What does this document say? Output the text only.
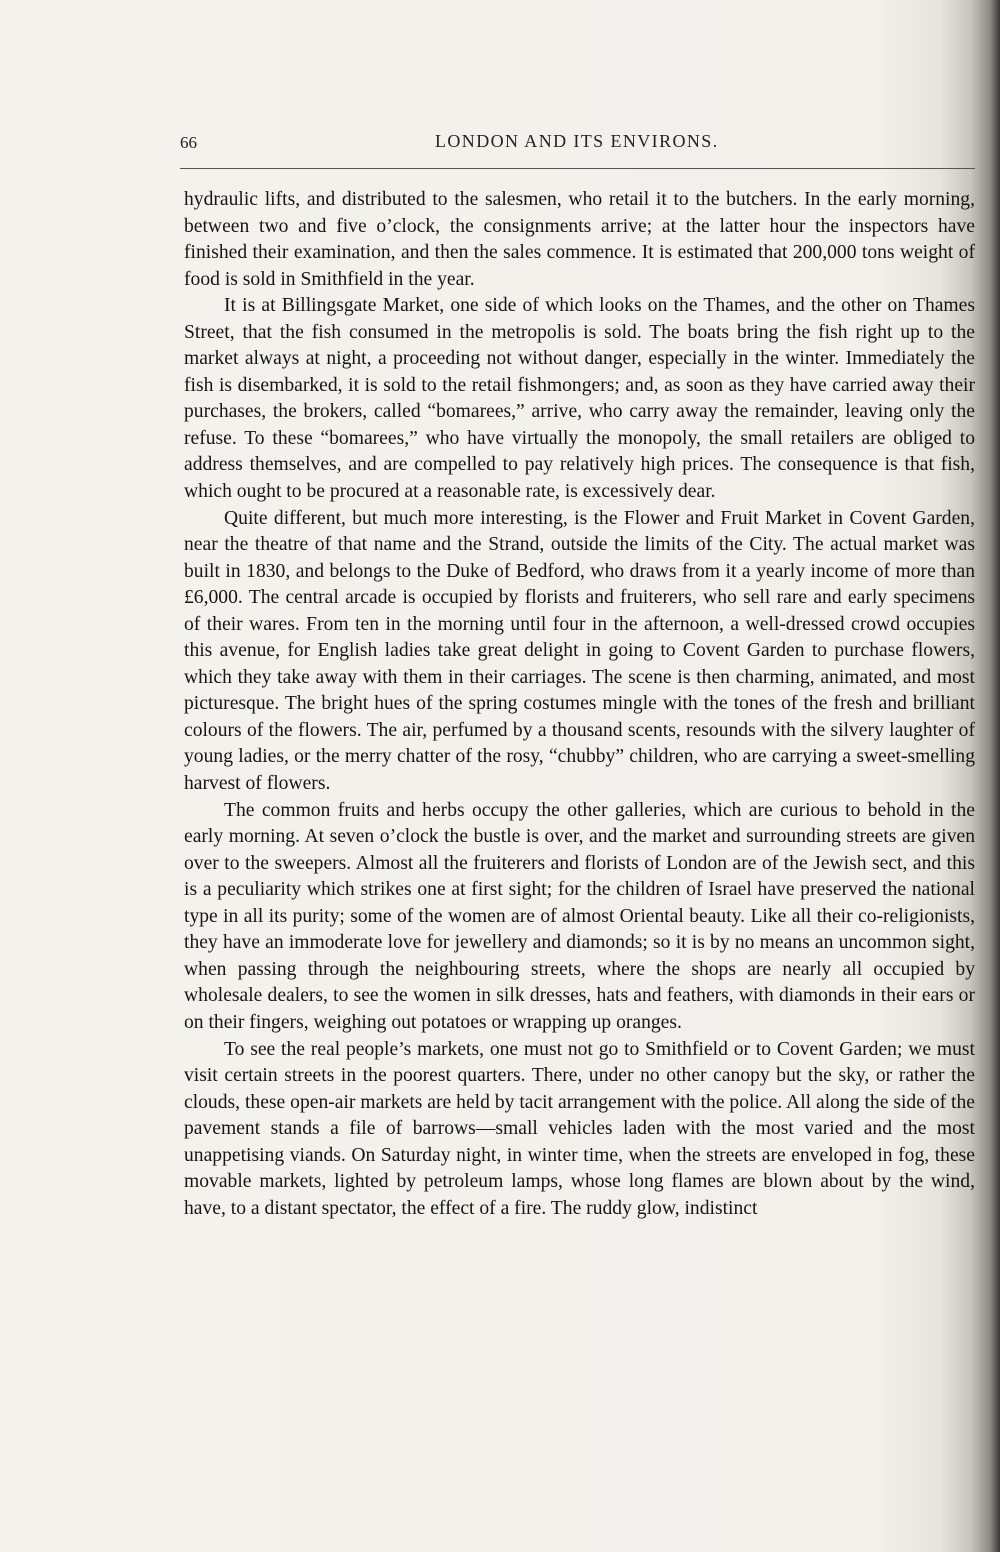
66	LONDON AND ITS ENVIRONS.

hydraulic lifts, and distributed to the salesmen, who retail it to the butchers. In the early morning, between two and five o’clock, the consignments arrive; at the latter hour the inspectors have finished their examination, and then the sales commence. It is estimated that 200,000 tons weight of food is sold in Smithfield in the year.

It is at Billingsgate Market, one side of which looks on the Thames, and the other on Thames Street, that the fish consumed in the metropolis is sold. The boats bring the fish right up to the market always at night, a proceeding not without danger, especially in the winter. Immediately the fish is disembarked, it is sold to the retail fishmongers; and, as soon as they have carried away their purchases, the brokers, called “bomarees,” arrive, who carry away the remainder, leaving only the refuse. To these “bomarees,” who have virtually the monopoly, the small retailers are obliged to address themselves, and are compelled to pay relatively high prices. The consequence is that fish, which ought to be procured at a reasonable rate, is excessively dear.

Quite different, but much more interesting, is the Flower and Fruit Market in Covent Garden, near the theatre of that name and the Strand, outside the limits of the City. The actual market was built in 1830, and belongs to the Duke of Bedford, who draws from it a yearly income of more than £6,000. The central arcade is occupied by florists and fruiterers, who sell rare and early specimens of their wares. From ten in the morning until four in the afternoon, a well-dressed crowd occupies this avenue, for English ladies take great delight in going to Covent Garden to purchase flowers, which they take away with them in their carriages. The scene is then charming, animated, and most picturesque. The bright hues of the spring costumes mingle with the tones of the fresh and brilliant colours of the flowers. The air, perfumed by a thousand scents, resounds with the silvery laughter of young ladies, or the merry chatter of the rosy, “chubby” children, who are carrying a sweet-smelling harvest of flowers.

The common fruits and herbs occupy the other galleries, which are curious to behold in the early morning. At seven o’clock the bustle is over, and the market and surrounding streets are given over to the sweepers. Almost all the fruiterers and florists of London are of the Jewish sect, and this is a peculiarity which strikes one at first sight; for the children of Israel have preserved the national type in all its purity; some of the women are of almost Oriental beauty. Like all their co-religionists, they have an immoderate love for jewellery and diamonds; so it is by no means an uncommon sight, when passing through the neighbouring streets, where the shops are nearly all occupied by wholesale dealers, to see the women in silk dresses, hats and feathers, with diamonds in their ears or on their fingers, weighing out potatoes or wrapping up oranges.

To see the real people’s markets, one must not go to Smithfield or to Covent Garden; we must visit certain streets in the poorest quarters. There, under no other canopy but the sky, or rather the clouds, these open-air markets are held by tacit arrangement with the police. All along the side of the pavement stands a file of barrows—small vehicles laden with the most varied and the most unappetising viands. On Saturday night, in winter time, when the streets are enveloped in fog, these movable markets, lighted by petroleum lamps, whose long flames are blown about by the wind, have, to a distant spectator, the effect of a fire. The ruddy glow, indistinct
